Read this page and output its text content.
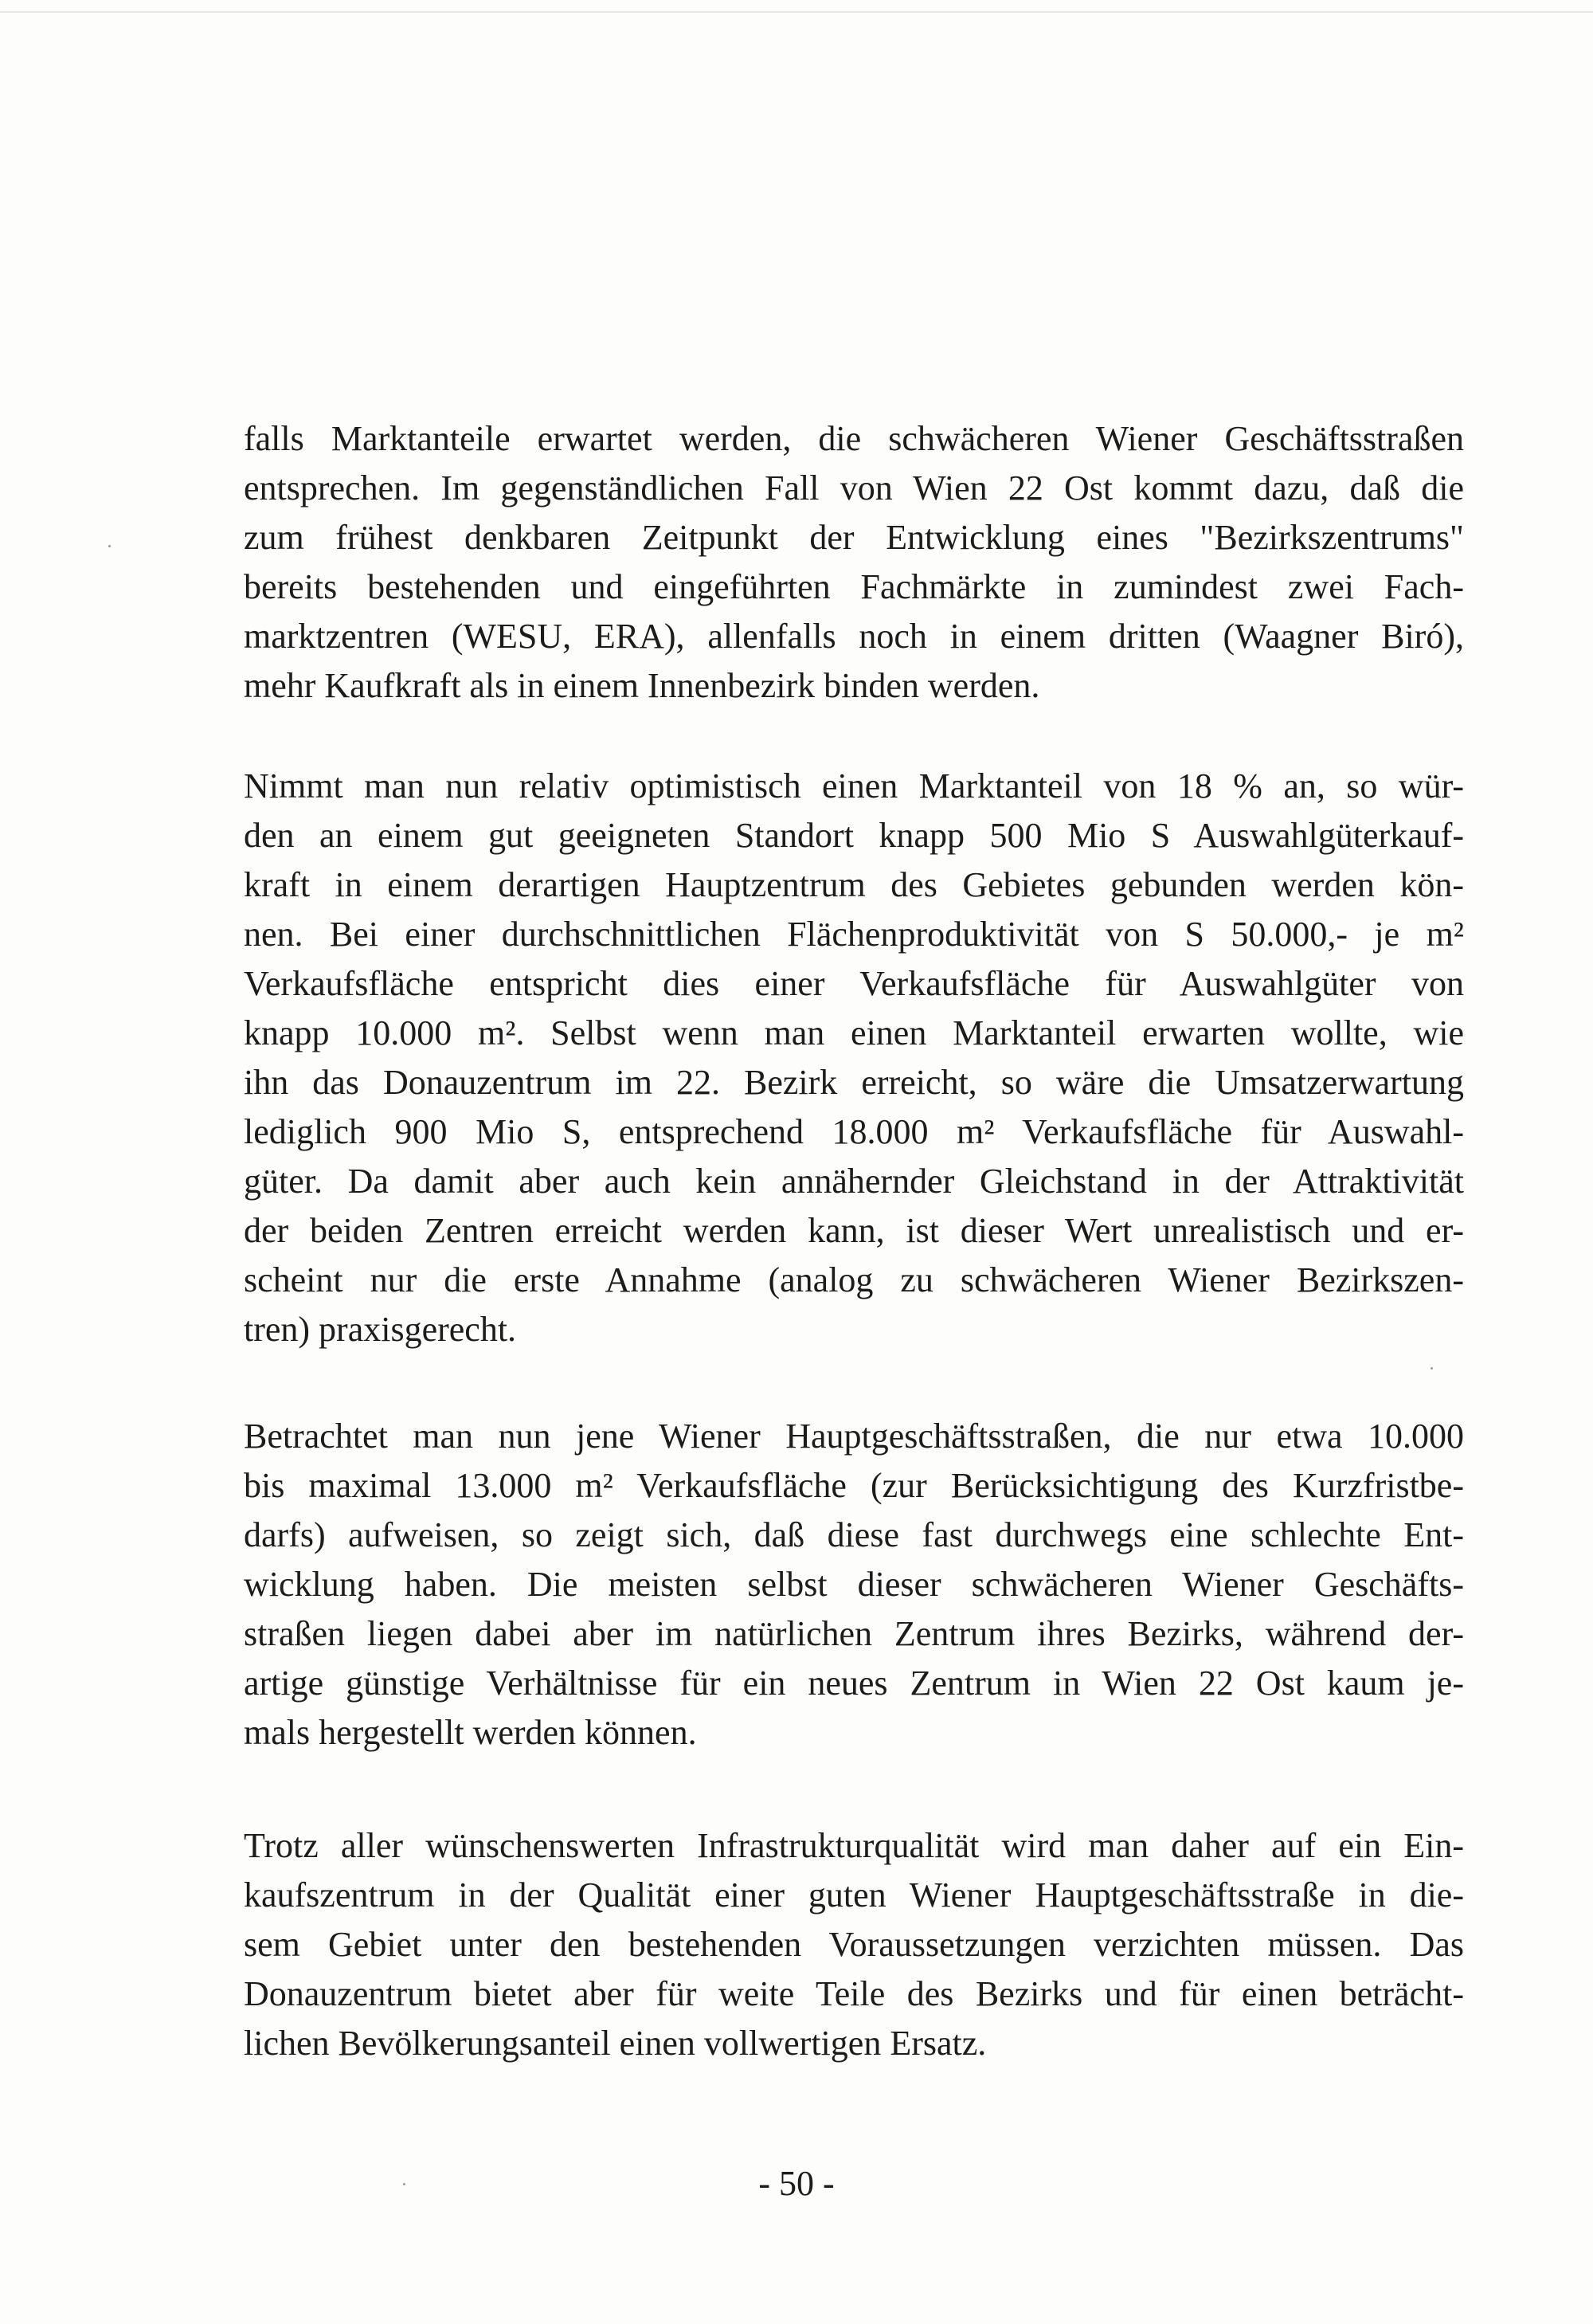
falls Marktanteile erwartet werden, die schwächeren Wiener Geschäftsstraßen
entsprechen. Im gegenständlichen Fall von Wien 22 Ost kommt dazu, daß die
zum frühest denkbaren Zeitpunkt der Entwicklung eines "Bezirkszentrums"
bereits bestehenden und eingeführten Fachmärkte in zumindest zwei Fach-
marktzentren (WESU, ERA), allenfalls noch in einem dritten (Waagner Biró),
mehr Kaufkraft als in einem Innenbezirk binden werden.

Nimmt man nun relativ optimistisch einen Marktanteil von 18 % an, so wür-
den an einem gut geeigneten Standort knapp 500 Mio S Auswahlgüterkauf-
kraft in einem derartigen Hauptzentrum des Gebietes gebunden werden kön-
nen. Bei einer durchschnittlichen Flächenproduktivität von S 50.000,- je m²
Verkaufsfläche entspricht dies einer Verkaufsfläche für Auswahlgüter von
knapp 10.000 m². Selbst wenn man einen Marktanteil erwarten wollte, wie
ihn das Donauzentrum im 22. Bezirk erreicht, so wäre die Umsatzerwartung
lediglich 900 Mio S, entsprechend 18.000 m² Verkaufsfläche für Auswahl-
güter. Da damit aber auch kein annähernder Gleichstand in der Attraktivität
der beiden Zentren erreicht werden kann, ist dieser Wert unrealistisch und er-
scheint nur die erste Annahme (analog zu schwächeren Wiener Bezirkszen-
tren) praxisgerecht.

Betrachtet man nun jene Wiener Hauptgeschäftsstraßen, die nur etwa 10.000
bis maximal 13.000 m² Verkaufsfläche (zur Berücksichtigung des Kurzfristbe-
darfs) aufweisen, so zeigt sich, daß diese fast durchwegs eine schlechte Ent-
wicklung haben. Die meisten selbst dieser schwächeren Wiener Geschäfts-
straßen liegen dabei aber im natürlichen Zentrum ihres Bezirks, während der-
artige günstige Verhältnisse für ein neues Zentrum in Wien 22 Ost kaum je-
mals hergestellt werden können.

Trotz aller wünschenswerten Infrastrukturqualität wird man daher auf ein Ein-
kaufszentrum in der Qualität einer guten Wiener Hauptgeschäftsstraße in die-
sem Gebiet unter den bestehenden Voraussetzungen verzichten müssen. Das
Donauzentrum bietet aber für weite Teile des Bezirks und für einen beträcht-
lichen Bevölkerungsanteil einen vollwertigen Ersatz.

- 50 -
